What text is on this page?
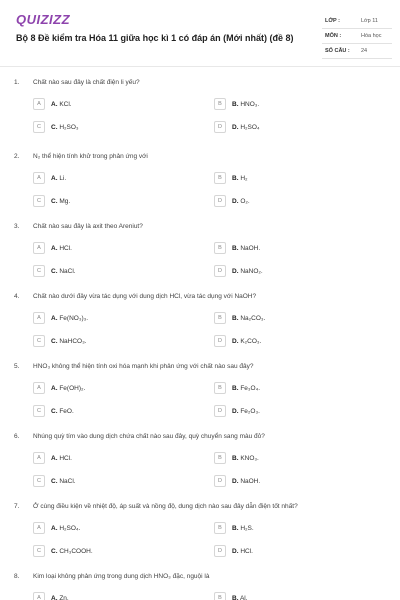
QUIZIZZ
Bộ 8 Đề kiểm tra Hóa 11 giữa học kì 1 có đáp án (Mới nhất) (đề 8)
LỚP :	Lớp 11
MÔN :	Hóa học
SỐ CÂU : 24
1. Chất nào sau đây là chất điện li yếu?
A	A. KCl.	B	B. HNO₃.
C	C. H₂SO₃	D	D. H₂SO₄
2. N₂ thể hiện tính khử trong phản ứng với
A	A. Li.	B	B. H₂
C	C. Mg.	D	D. O₂.
3. Chất nào sau đây là axit theo Areniut?
A	A. HCl.	B	B. NaOH.
C	C. NaCl.	D	D. NaNO₂.
4. Chất nào dưới đây vừa tác dụng với dung dịch HCl, vừa tác dụng với NaOH?
A	A. Fe(NO₃)₃.	B	B. Na₂CO₃.
C	C. NaHCO₃.	D	D. K₂CO₃.
5. HNO₃ không thể hiện tính oxi hóa mạnh khi phản ứng với chất nào sau đây?
A	A. Fe(OH)₂.	B	B. Fe₃O₄.
C	C. FeO.	D	D. Fe₂O₃.
6. Nhúng quỳ tím vào dung dịch chứa chất nào sau đây, quỳ chuyển sang màu đỏ?
A	A. HCl.	B	B. KNO₃.
C	C. NaCl.	D	D. NaOH.
7. Ở cùng điều kiện về nhiệt độ, áp suất và nồng độ, dung dịch nào sau đây dẫn điện tốt nhất?
A	A. H₂SO₄.	B	B. H₂S.
C	C. CH₃COOH.	D	D. HCl.
8. Kim loại không phản ứng trong dung dịch HNO₃ đặc, nguội là
A	A. Zn.	B	B. Al.
